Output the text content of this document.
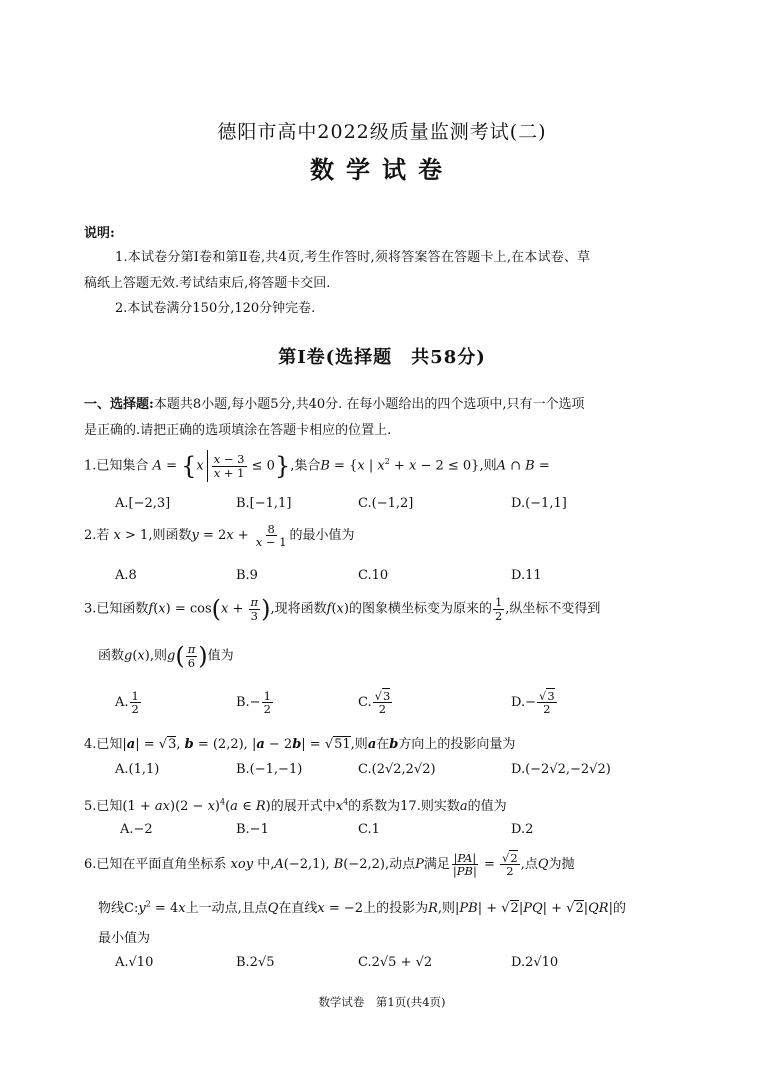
德阳市高中2022级质量监测考试(二)
数学试卷
说明:
1.本试卷分第Ⅰ卷和第Ⅱ卷,共4页,考生作答时,须将答案答在答题卡上,在本试卷、草
稿纸上答题无效.考试结束后,将答题卡交回.
2.本试卷满分150分,120分钟完卷.
第Ⅰ卷(选择题　共58分)
一、选择题:本题共8小题,每小题5分,共40分. 在每小题给出的四个选项中,只有一个选项
是正确的.请把正确的选项填涂在答题卡相应的位置上.
1.已知集合 $A = \{x \frac{x - 3}{x + 1} \le 0\}$,集合B = {x | $x^2 + x - 2 \le 0$},则A ∩ B =
A.[−2,3]	B.[−1,1]	C.(−1,2]	D.(−1,1]
2.若 x > 1,则函数$y = 2x + \frac{8}{x - 1}$ 的最小值为
A.8	B.9	C.10	D.11
3.已知函数$f(x) = \cos(x + \frac{\pi}{3}$ ),现将函数f(x)的图象横坐标变为原来的 $\frac{1}{2}$ ,纵坐标不变得到
函数g(x),则$g( \frac{\pi}{6}$ )值为
A. $\frac{1}{2}$	$B.- \frac{1}{2}$	C. $\frac{√3}{2}$	$D.- \frac{√3}{2}$
4.已知|a| = √3, b = (2,2), |a − 2b| = √51,则a在b方向上的投影向量为
A.(1,1)	B.(−1,−1)	C.(2√2,2√2)	D.(−2√2,−2√2)
5.已知$(1 + ax)(2 - x)^4(a$ ∈ R)的展开式中$x^4$的系数为17.则实数a的值为
A.−2	B.−1	C.1	D.2
6.已知在平面直角坐标系 xoy 中,A(−2,1), B(−2,2),动点P满足 $\frac{|PA|}{|PB|} = \frac{√2}{2}$ ,点Q为抛
物线$C:y^2 = 4x$上一动点,且点Q在直线x = −2上的投影为R,则|PB| + √2|PQ| + √2|QR|的
最小值为
A.√10	B.2√5	C.2√5 + √2	D.2√10
数学试卷　第1页(共4页)
